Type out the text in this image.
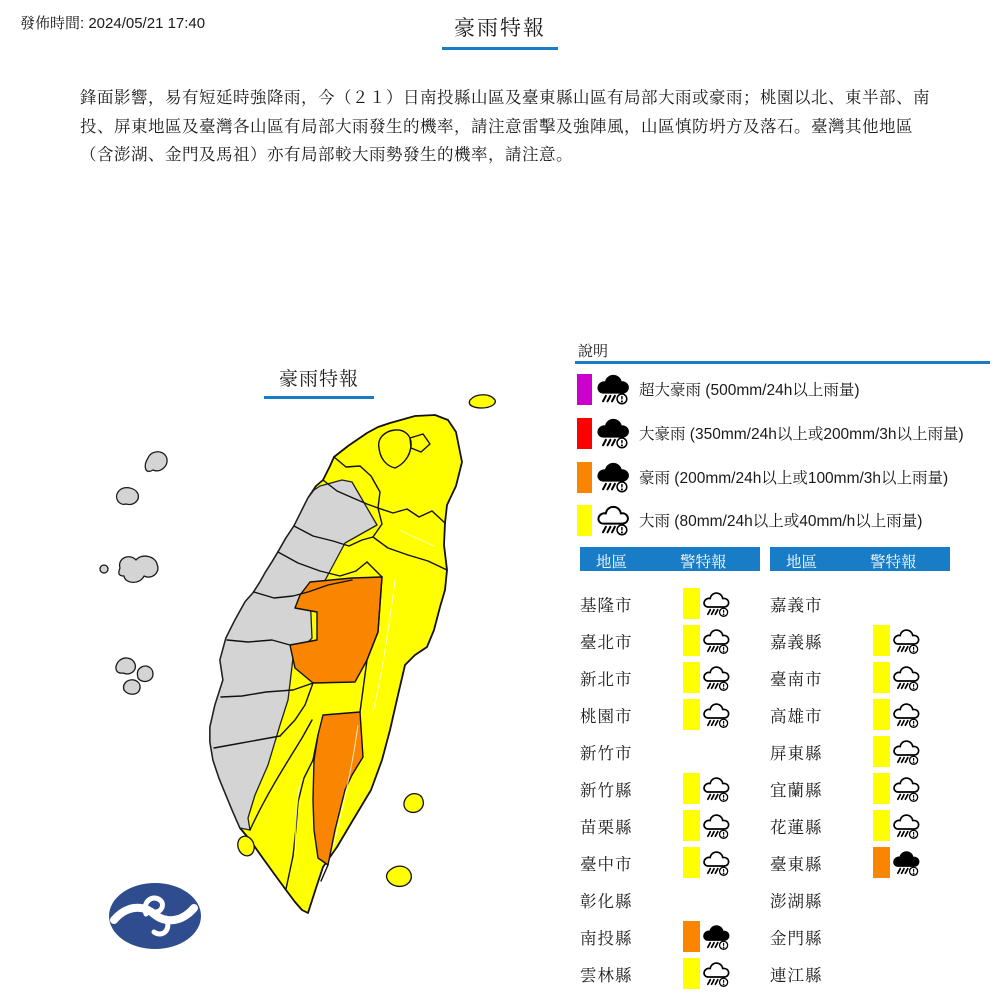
發佈時間: 2024/05/21 17:40	豪雨特報
鋒面影響，易有短延時強降雨，今（２１）日南投縣山區及臺東縣山區有局部大雨或豪雨；桃園以北、東半部、南投、屏東地區及臺灣各山區有局部大雨發生的機率，請注意雷擊及強陣風，山區慎防坍方及落石。臺灣其他地區（含澎湖、金門及馬祖）亦有局部較大雨勢發生的機率，請注意。
豪雨特報
說明
超大豪雨 (500mm/24h以上雨量)
大豪雨 (350mm/24h以上或200mm/3h以上雨量)
豪雨 (200mm/24h以上或100mm/3h以上雨量)
大雨 (80mm/24h以上或40mm/h以上雨量)
地區	警特報
基隆市
臺北市
新北市
桃園市
新竹市
新竹縣
苗栗縣
臺中市
彰化縣
南投縣
雲林縣
地區	警特報
嘉義市
嘉義縣
臺南市
高雄市
屏東縣
宜蘭縣
花蓮縣
臺東縣
澎湖縣
金門縣
連江縣
